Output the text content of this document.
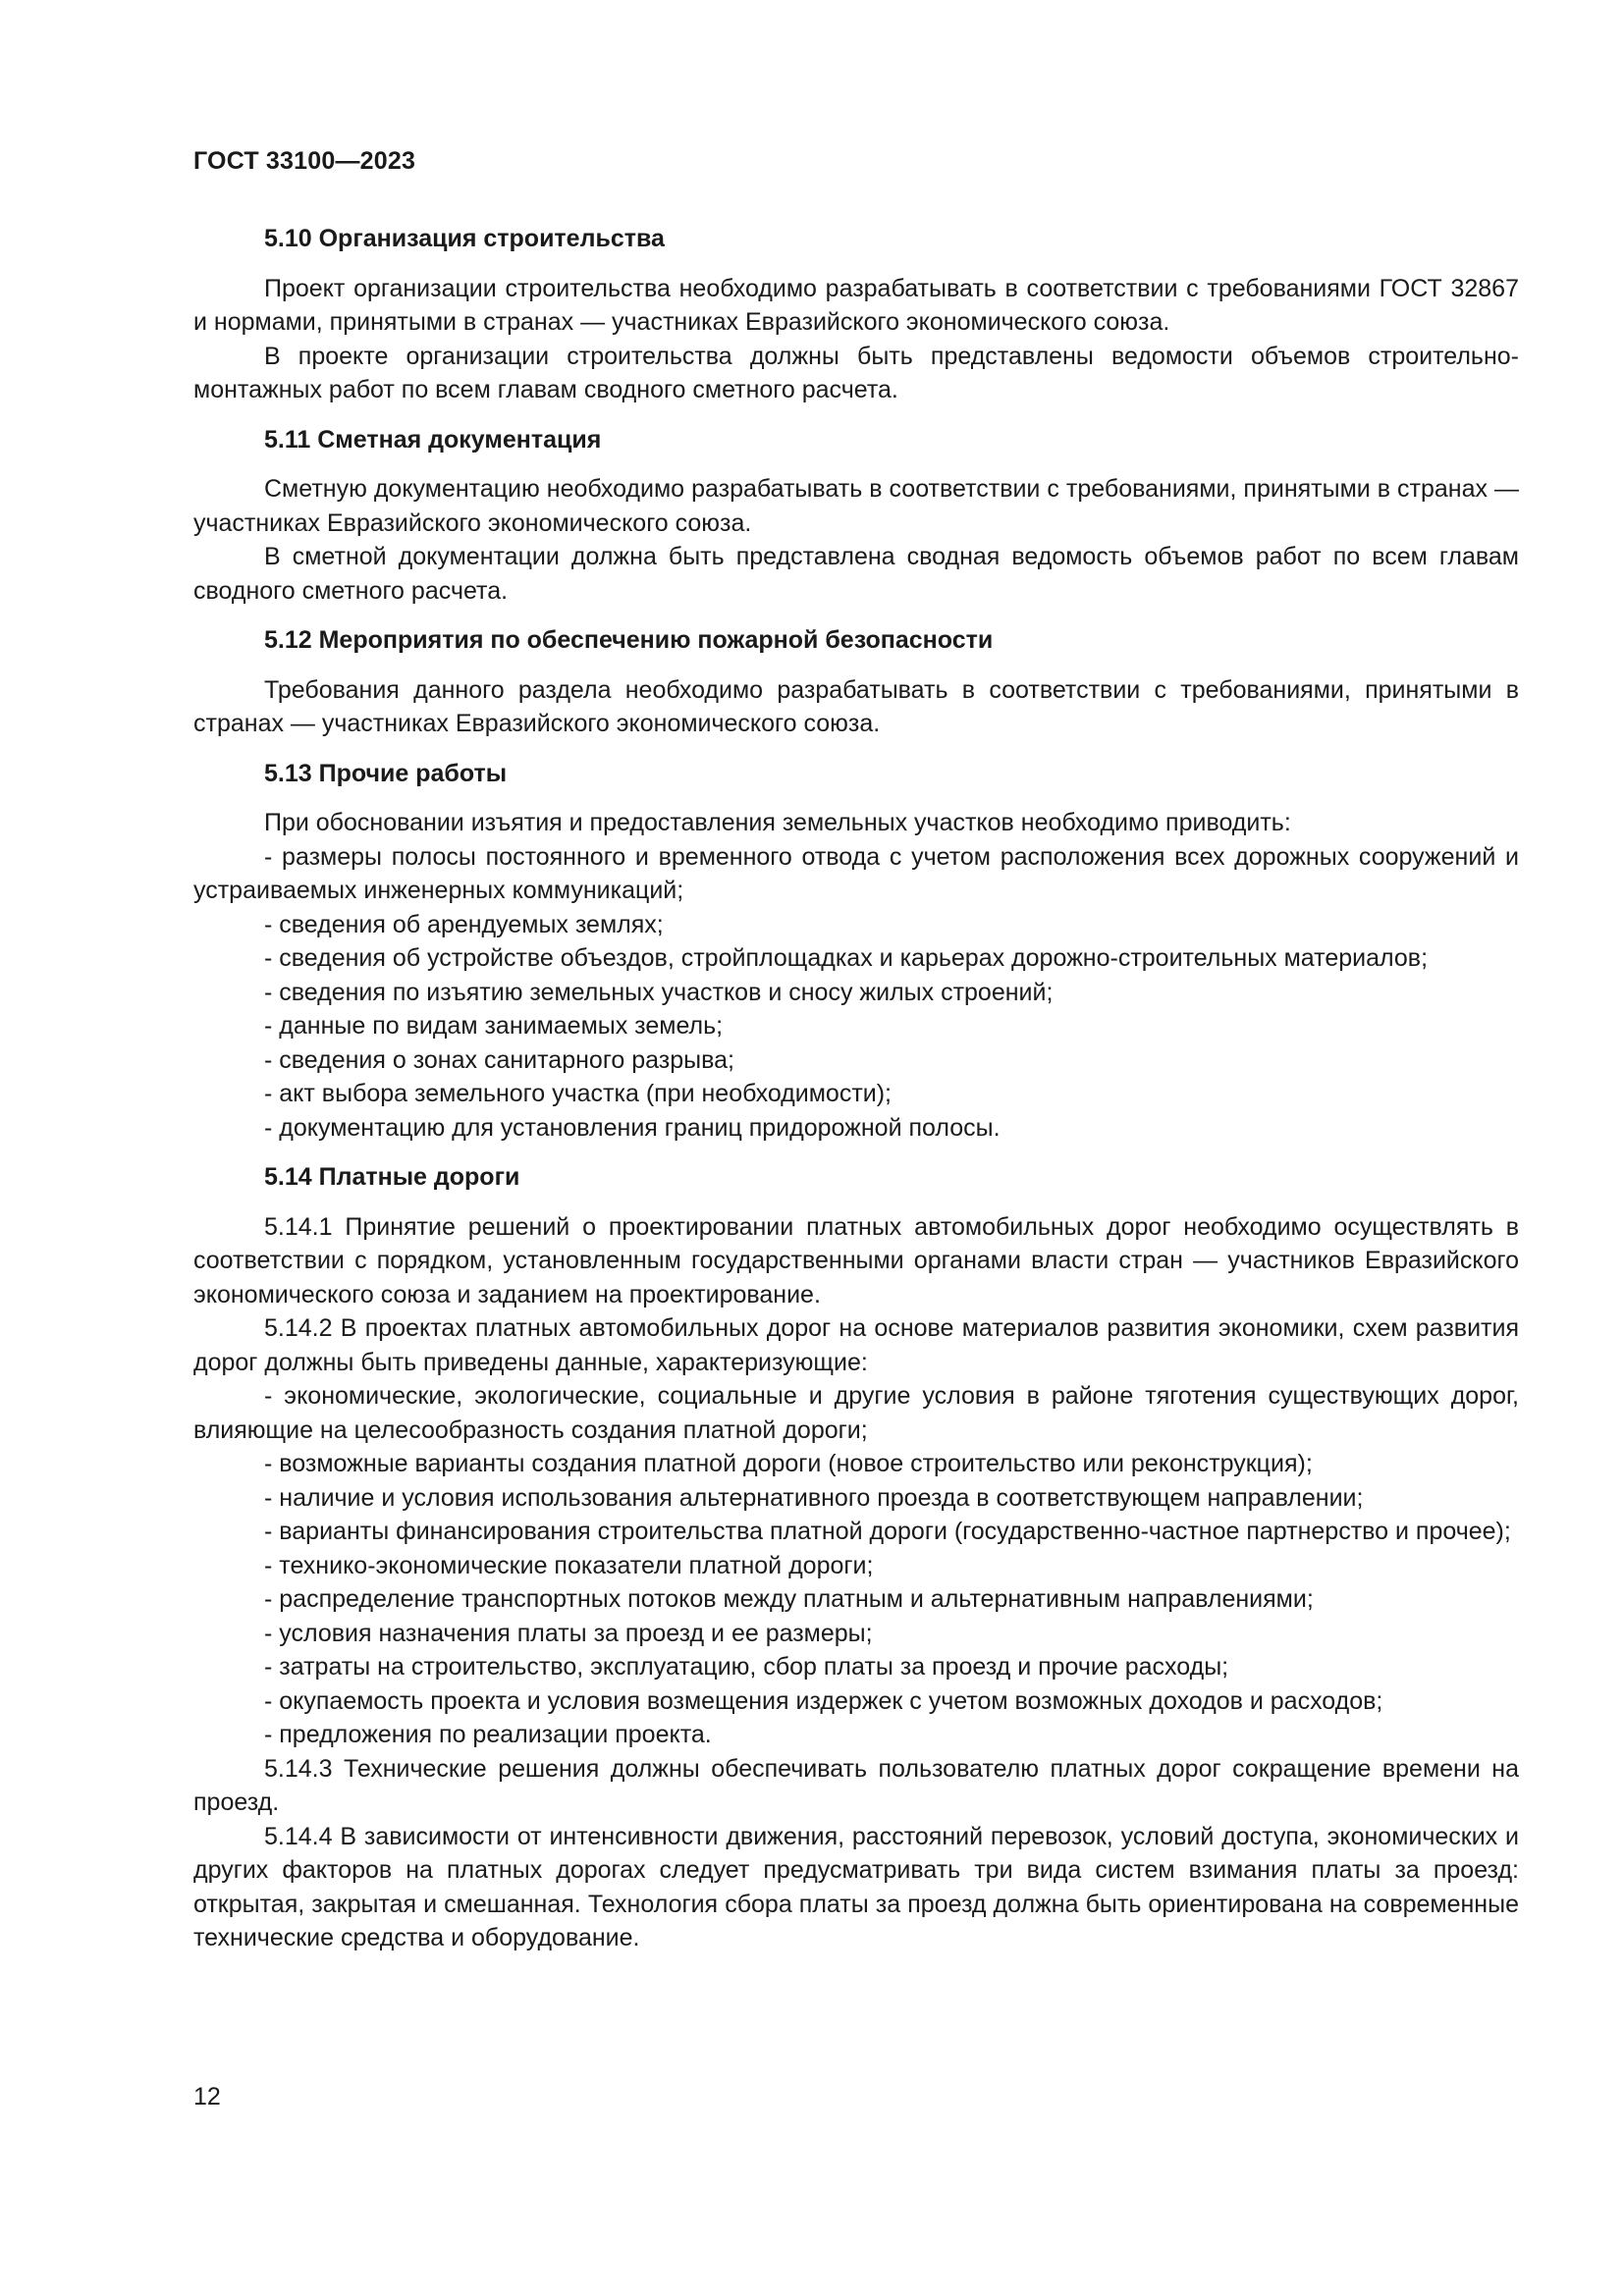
ГОСТ 33100—2023
5.10 Организация строительства

Проект организации строительства необходимо разрабатывать в соответствии с требованиями ГОСТ 32867 и нормами, принятыми в странах — участниках Евразийского экономического союза.

В проекте организации строительства должны быть представлены ведомости объемов строительно-монтажных работ по всем главам сводного сметного расчета.

5.11 Сметная документация

Сметную документацию необходимо разрабатывать в соответствии с требованиями, принятыми в странах — участниках Евразийского экономического союза.

В сметной документации должна быть представлена сводная ведомость объемов работ по всем главам сводного сметного расчета.

5.12 Мероприятия по обеспечению пожарной безопасности

Требования данного раздела необходимо разрабатывать в соответствии с требованиями, принятыми в странах — участниках Евразийского экономического союза.

5.13 Прочие работы

При обосновании изъятия и предоставления земельных участков необходимо приводить:

- размеры полосы постоянного и временного отвода с учетом расположения всех дорожных сооружений и устраиваемых инженерных коммуникаций;

- сведения об арендуемых землях;

- сведения об устройстве объездов, стройплощадках и карьерах дорожно-строительных материалов;

- сведения по изъятию земельных участков и сносу жилых строений;

- данные по видам занимаемых земель;

- сведения о зонах санитарного разрыва;

- акт выбора земельного участка (при необходимости);

- документацию для установления границ придорожной полосы.

5.14 Платные дороги

5.14.1 Принятие решений о проектировании платных автомобильных дорог необходимо осуществлять в соответствии с порядком, установленным государственными органами власти стран — участников Евразийского экономического союза и заданием на проектирование.

5.14.2 В проектах платных автомобильных дорог на основе материалов развития экономики, схем развития дорог должны быть приведены данные, характеризующие:

- экономические, экологические, социальные и другие условия в районе тяготения существующих дорог, влияющие на целесообразность создания платной дороги;

- возможные варианты создания платной дороги (новое строительство или реконструкция);

- наличие и условия использования альтернативного проезда в соответствующем направлении;

- варианты финансирования строительства платной дороги (государственно-частное партнерство и прочее);

- технико-экономические показатели платной дороги;

- распределение транспортных потоков между платным и альтернативным направлениями;

- условия назначения платы за проезд и ее размеры;

- затраты на строительство, эксплуатацию, сбор платы за проезд и прочие расходы;

- окупаемость проекта и условия возмещения издержек с учетом возможных доходов и расходов;

- предложения по реализации проекта.

5.14.3 Технические решения должны обеспечивать пользователю платных дорог сокращение времени на проезд.

5.14.4 В зависимости от интенсивности движения, расстояний перевозок, условий доступа, экономических и других факторов на платных дорогах следует предусматривать три вида систем взимания платы за проезд: открытая, закрытая и смешанная. Технология сбора платы за проезд должна быть ориентирована на современные технические средства и оборудование.

12
